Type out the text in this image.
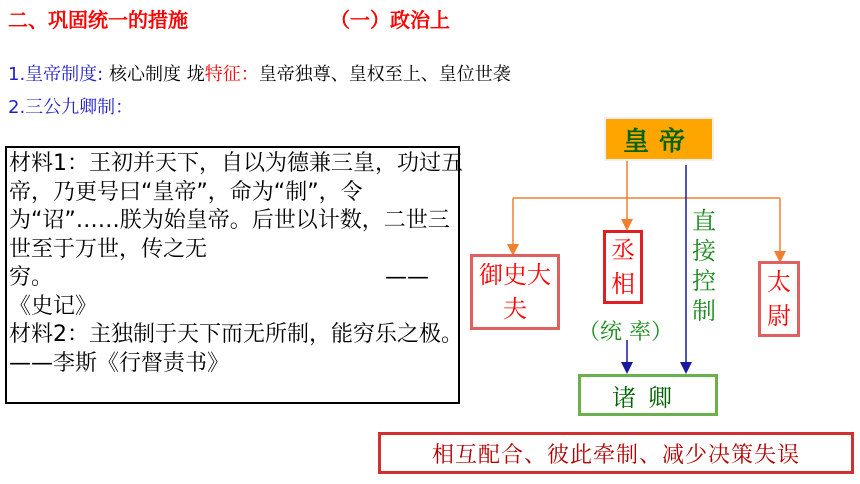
二、巩固统一的措施	（一）政治上
1.皇帝制度: 核心制度 垅特征：皇帝独尊、皇权至上、皇位世袭
2.三公九卿制：

材料1：王初并天下，自以为德兼三皇，功过五帝，乃更号曰“皇帝”，命为“制”，令为“诏”……朕为始皇帝。后世以计数，二世三世至于万世，传之无

穷。	——

《史记》

材料2：主独制于天下而无所制，能穷乐之极。——李斯《行督责书》

皇帝
御史大夫
丞相	太尉
直接控制
（统 率）
诸卿
相互配合、彼此牵制、减少决策失误
